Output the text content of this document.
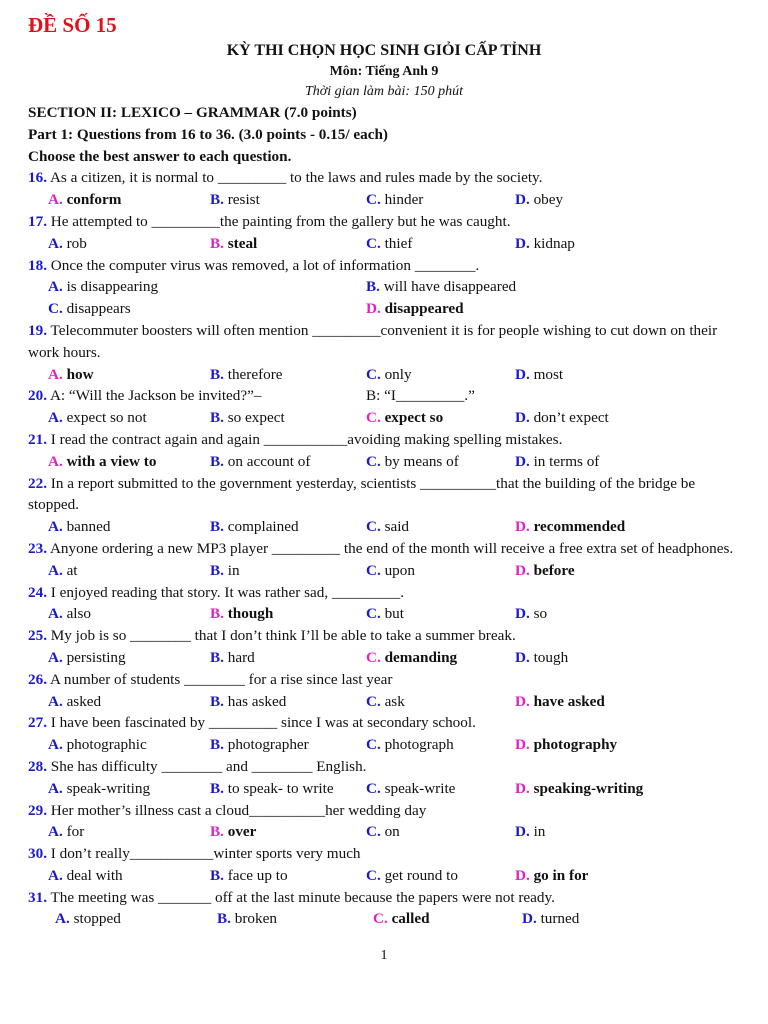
ĐỀ SỐ 15
KỲ THI CHỌN HỌC SINH GIỎI CẤP TỈNH
Môn: Tiếng Anh 9
Thời gian làm bài: 150 phút
SECTION II: LEXICO – GRAMMAR (7.0 points)
Part 1: Questions from 16 to 36. (3.0 points - 0.15/ each)
Choose the best answer to each question.
16. As a citizen, it is normal to _________ to the laws and rules made by the society.
A. conform	B. resist	C. hinder	D. obey
17. He attempted to _________the painting from the gallery but he was caught.
A. rob	B. steal	C. thief	D. kidnap
18. Once the computer virus was removed, a lot of information ________.
A. is disappearing	B. will have disappeared
C. disappears	D. disappeared
19. Telecommuter boosters will often mention _________convenient it is for people wishing to cut down on their work hours.
A. how	B. therefore	C. only	D. most
20. A: “Will the Jackson be invited?”–	B: “I_________.”
A. expect so not	B. so expect	C. expect so	D. don’t expect
21. I read the contract again and again ___________avoiding making spelling mistakes.
A. with a view to	B. on account of	C. by means of	D. in terms of
22. In a report submitted to the government yesterday, scientists __________that the building of the bridge be stopped.
A. banned	B. complained	C. said	D. recommended
23. Anyone ordering a new MP3 player _________ the end of the month will receive a free extra set of headphones.
A. at	B. in	C. upon	D. before
24. I enjoyed reading that story. It was rather sad, _________.
A. also	B. though	C. but	D. so
25. My job is so ________ that I don’t think I’ll be able to take a summer break.
A. persisting	B. hard	C. demanding	D. tough
26. A number of students ________ for a rise since last year
A. asked	B. has asked	C. ask	D. have asked
27. I have been fascinated by _________ since I was at secondary school.
A. photographic	B. photographer	C. photograph	D. photography
28. She has difficulty ________ and ________ English.
A. speak-writing	B. to speak- to write C. speak-write	D. speaking-writing
29. Her mother’s illness cast a cloud__________her wedding day
A. for	B. over	C. on	D. in
30. I don’t really___________winter sports very much
A. deal with	B. face up to	C. get round to	D. go in for
31. The meeting was _______ off at the last minute because the papers were not ready.
A. stopped	B. broken	C. called	D. turned
1
